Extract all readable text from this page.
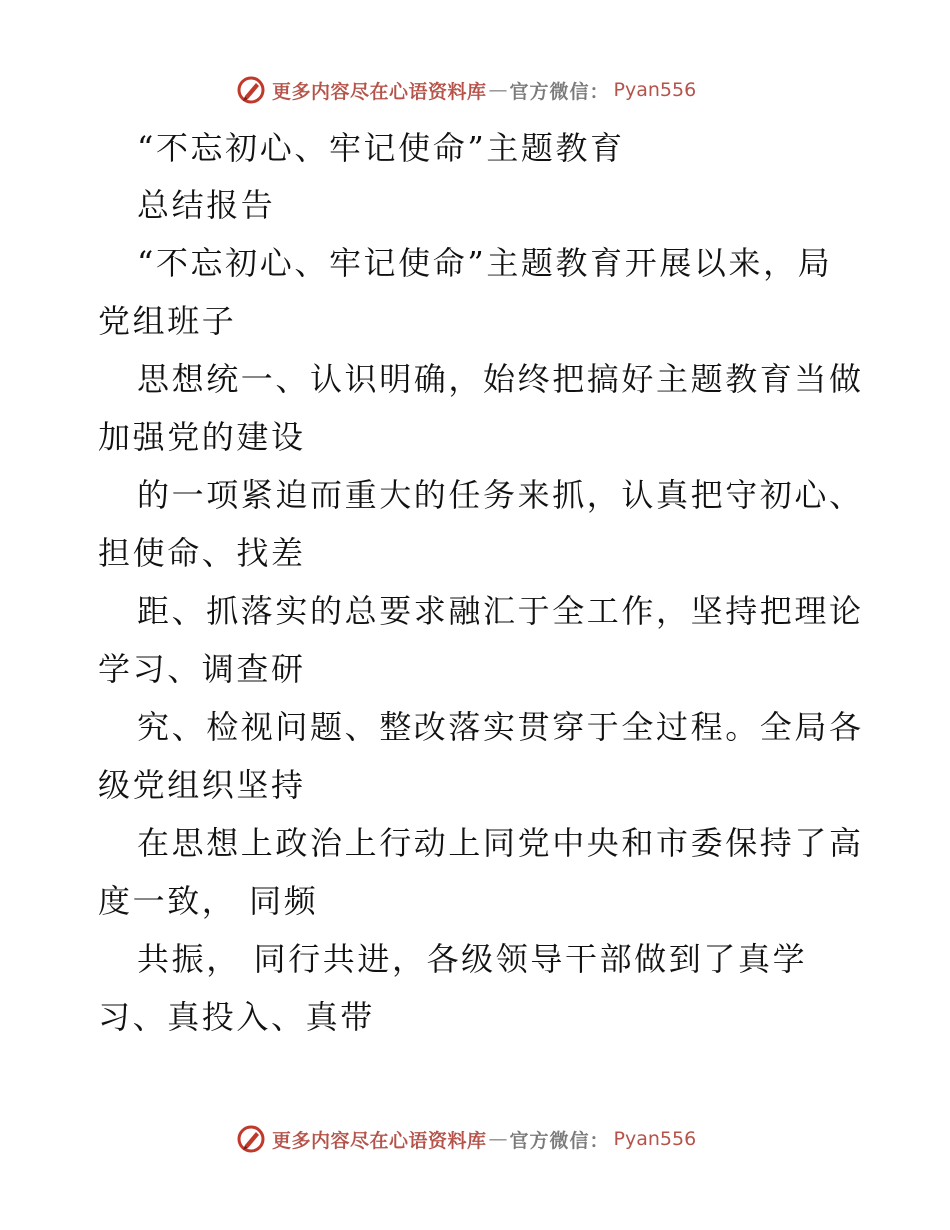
更多内容尽在心语资料库 — 官方微信： Pyan556
“不忘初心、牢记使命”主题教育
总结报告
“不忘初心、牢记使命”主题教育开展以来，局
党组班子
思想统一、认识明确，始终把搞好主题教育当做
加强党的建设
的一项紧迫而重大的任务来抓，认真把守初心、
担使命、找差
距、抓落实的总要求融汇于全工作，坚持把理论
学习、调查研
究、检视问题、整改落实贯穿于全过程。全局各
级党组织坚持
在思想上政治上行动上同党中央和市委保持了高
度一致， 同频
共振， 同行共进，各级领导干部做到了真学
习、真投入、真带
更多内容尽在心语资料库 — 官方微信： Pyan556
